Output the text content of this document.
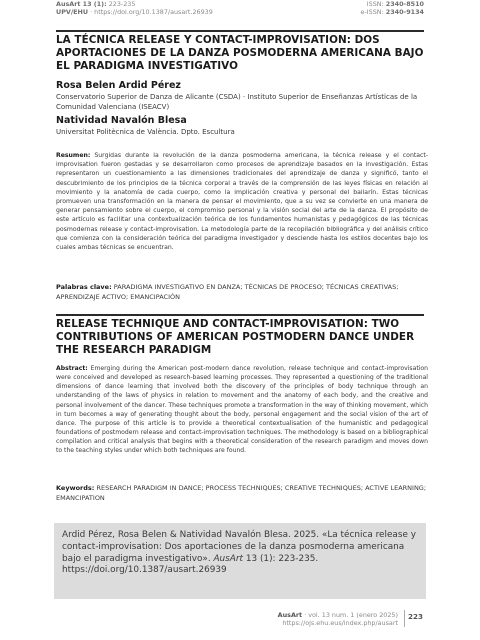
AusArt 13 (1): 223-235
UPV/EHU · https://doi.org/10.1387/ausart.26939
ISSN: 2340-8510
e-ISSN: 2340-9134
LA TÉCNICA RELEASE Y CONTACT-IMPROVISATION: DOS APORTACIONES DE LA DANZA POSMODERNA AMERICANA BAJO EL PARADIGMA INVESTIGATIVO
Rosa Belen Ardid Pérez
Conservatorio Superior de Danza de Alicante (CSDA) · Instituto Superior de Enseñanzas Artísticas de la Comunidad Valenciana (ISEACV)
Natividad Navalón Blesa
Universitat Politècnica de València. Dpto. Escultura
Resumen: Surgidas durante la revolución de la danza posmoderna americana, la técnica release y el contact-improvisation fueron gestadas y se desarrollaron como procesos de aprendizaje basados en la investigación. Estas representaron un cuestionamiento a las dimensiones tradicionales del aprendizaje de danza y significó, tanto el descubrimiento de los principios de la técnica corporal a través de la comprensión de las leyes físicas en relación al movimiento y la anatomía de cada cuerpo, como la implicación creativa y personal del bailarín. Estas técnicas promueven una transformación en la manera de pensar el movimiento, que a su vez se convierte en una manera de generar pensamiento sobre el cuerpo, el compromiso personal y la visión social del arte de la danza. El propósito de este artículo es facilitar una contextualización teórica de los fundamentos humanistas y pedagógicos de las técnicas posmodernas release y contact-improvisation. La metodología parte de la recopilación bibliográfica y del análisis crítico que comienza con la consideración teórica del paradigma investigador y desciende hasta los estilos docentes bajo los cuales ambas técnicas se encuentran.
Palabras clave: PARADIGMA INVESTIGATIVO EN DANZA; TÉCNICAS DE PROCESO; TÉCNICAS CREATIVAS; APRENDIZAJE ACTIVO; EMANCIPACIÓN
RELEASE TECHNIQUE AND CONTACT-IMPROVISATION: TWO CONTRIBUTIONS OF AMERICAN POSTMODERN DANCE UNDER THE RESEARCH PARADIGM
Abstract: Emerging during the American post-modern dance revolution, release technique and contact-improvisation were conceived and developed as research-based learning processes. They represented a questioning of the traditional dimensions of dance learning that involved both the discovery of the principles of body technique through an understanding of the laws of physics in relation to movement and the anatomy of each body, and the creative and personal involvement of the dancer. These techniques promote a transformation in the way of thinking movement, which in turn becomes a way of generating thought about the body, personal engagement and the social vision of the art of dance. The purpose of this article is to provide a theoretical contextualisation of the humanistic and pedagogical foundations of postmodern release and contact-improvisation techniques. The methodology is based on a bibliographical compilation and critical analysis that begins with a theoretical consideration of the research paradigm and moves down to the teaching styles under which both techniques are found.
Keywords: RESEARCH PARADIGM IN DANCE; PROCESS TECHNIQUES; CREATIVE TECHNIQUES; ACTIVE LEARNING; EMANCIPATION
Ardid Pérez, Rosa Belen & Natividad Navalón Blesa. 2025. «La técnica release y contact-improvisation: Dos aportaciones de la danza posmoderna americana bajo el paradigma investigativo». AusArt 13 (1): 223-235. https://doi.org/10.1387/ausart.26939
AusArt · vol. 13 num. 1 (enero 2025)
https://ojs.ehu.eus/index.php/ausart
223
